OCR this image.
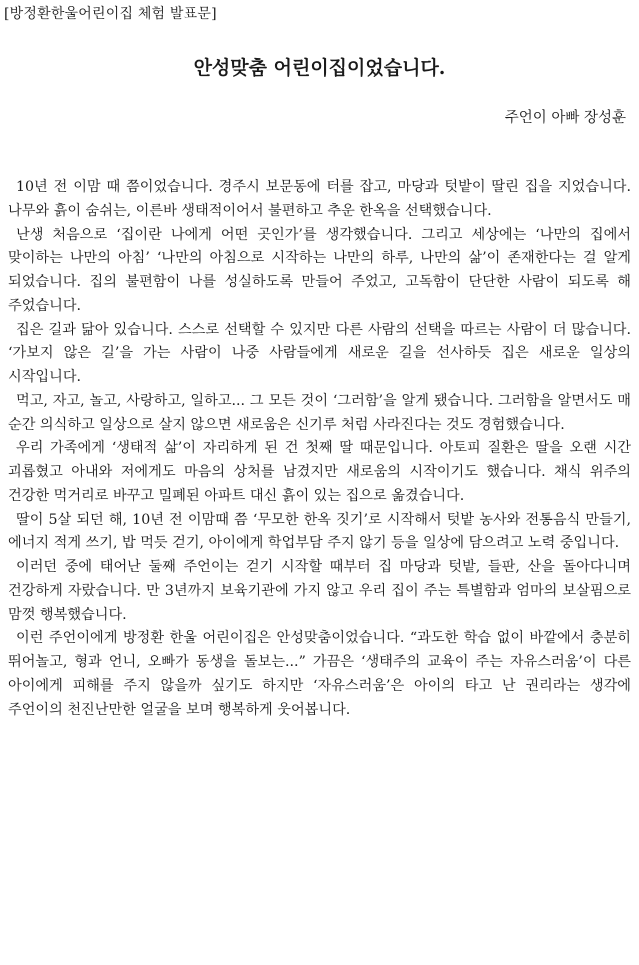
[방정환한울어린이집 체험 발표문]
안성맞춤 어린이집이었습니다.
주언이 아빠 장성훈

10년 전 이맘 때 쯤이었습니다. 경주시 보문동에 터를 잡고, 마당과 텃밭이 딸린 집을 지었습니다. 나무와 흙이 숨쉬는, 이른바 생태적이어서 불편하고 추운 한옥을 선택했습니다.

난생 처음으로 ‘집이란 나에게 어떤 곳인가’를 생각했습니다. 그리고 세상에는 ‘나만의 집에서 맞이하는 나만의 아침’ ‘나만의 아침으로 시작하는 나만의 하루, 나만의 삶’이 존재한다는 걸 알게 되었습니다. 집의 불편함이 나를 성실하도록 만들어 주었고, 고독함이 단단한 사람이 되도록 해 주었습니다.

집은 길과 닮아 있습니다. 스스로 선택할 수 있지만 다른 사람의 선택을 따르는 사람이 더 많습니다. ‘가보지 않은 길’을 가는 사람이 나중 사람들에게 새로운 길을 선사하듯 집은 새로운 일상의 시작입니다.

먹고, 자고, 놀고, 사랑하고, 일하고... 그 모든 것이 ‘그러함’을 알게 됐습니다. 그러함을 알면서도 매 순간 의식하고 일상으로 살지 않으면 새로움은 신기루 처럼 사라진다는 것도 경험했습니다.

우리 가족에게 ‘생태적 삶’이 자리하게 된 건 첫째 딸 때문입니다. 아토피 질환은 딸을 오랜 시간 괴롭혔고 아내와 저에게도 마음의 상처를 남겼지만 새로움의 시작이기도 했습니다. 채식 위주의 건강한 먹거리로 바꾸고 밀폐된 아파트 대신 흙이 있는 집으로 옮겼습니다.

딸이 5살 되던 해, 10년 전 이맘때 쯤 ‘무모한 한옥 짓기’로 시작해서 텃밭 농사와 전통음식 만들기, 에너지 적게 쓰기, 밥 먹듯 걷기, 아이에게 학업부담 주지 않기 등을 일상에 담으려고 노력 중입니다.

이러던 중에 태어난 둘째 주언이는 걷기 시작할 때부터 집 마당과 텃밭, 들판, 산을 돌아다니며 건강하게 자랐습니다. 만 3년까지 보육기관에 가지 않고 우리 집이 주는 특별함과 엄마의 보살핌으로 맘껏 행복했습니다.

이런 주언이에게 방정환 한울 어린이집은 안성맞춤이었습니다. “과도한 학습 없이 바깥에서 충분히 뛰어놀고, 형과 언니, 오빠가 동생을 돌보는...” 가끔은 ‘생태주의 교육이 주는 자유스러움’이 다른 아이에게 피해를 주지 않을까 싶기도 하지만 ‘자유스러움’은 아이의 타고 난 권리라는 생각에 주언이의 천진난만한 얼굴을 보며 행복하게 웃어봅니다.
